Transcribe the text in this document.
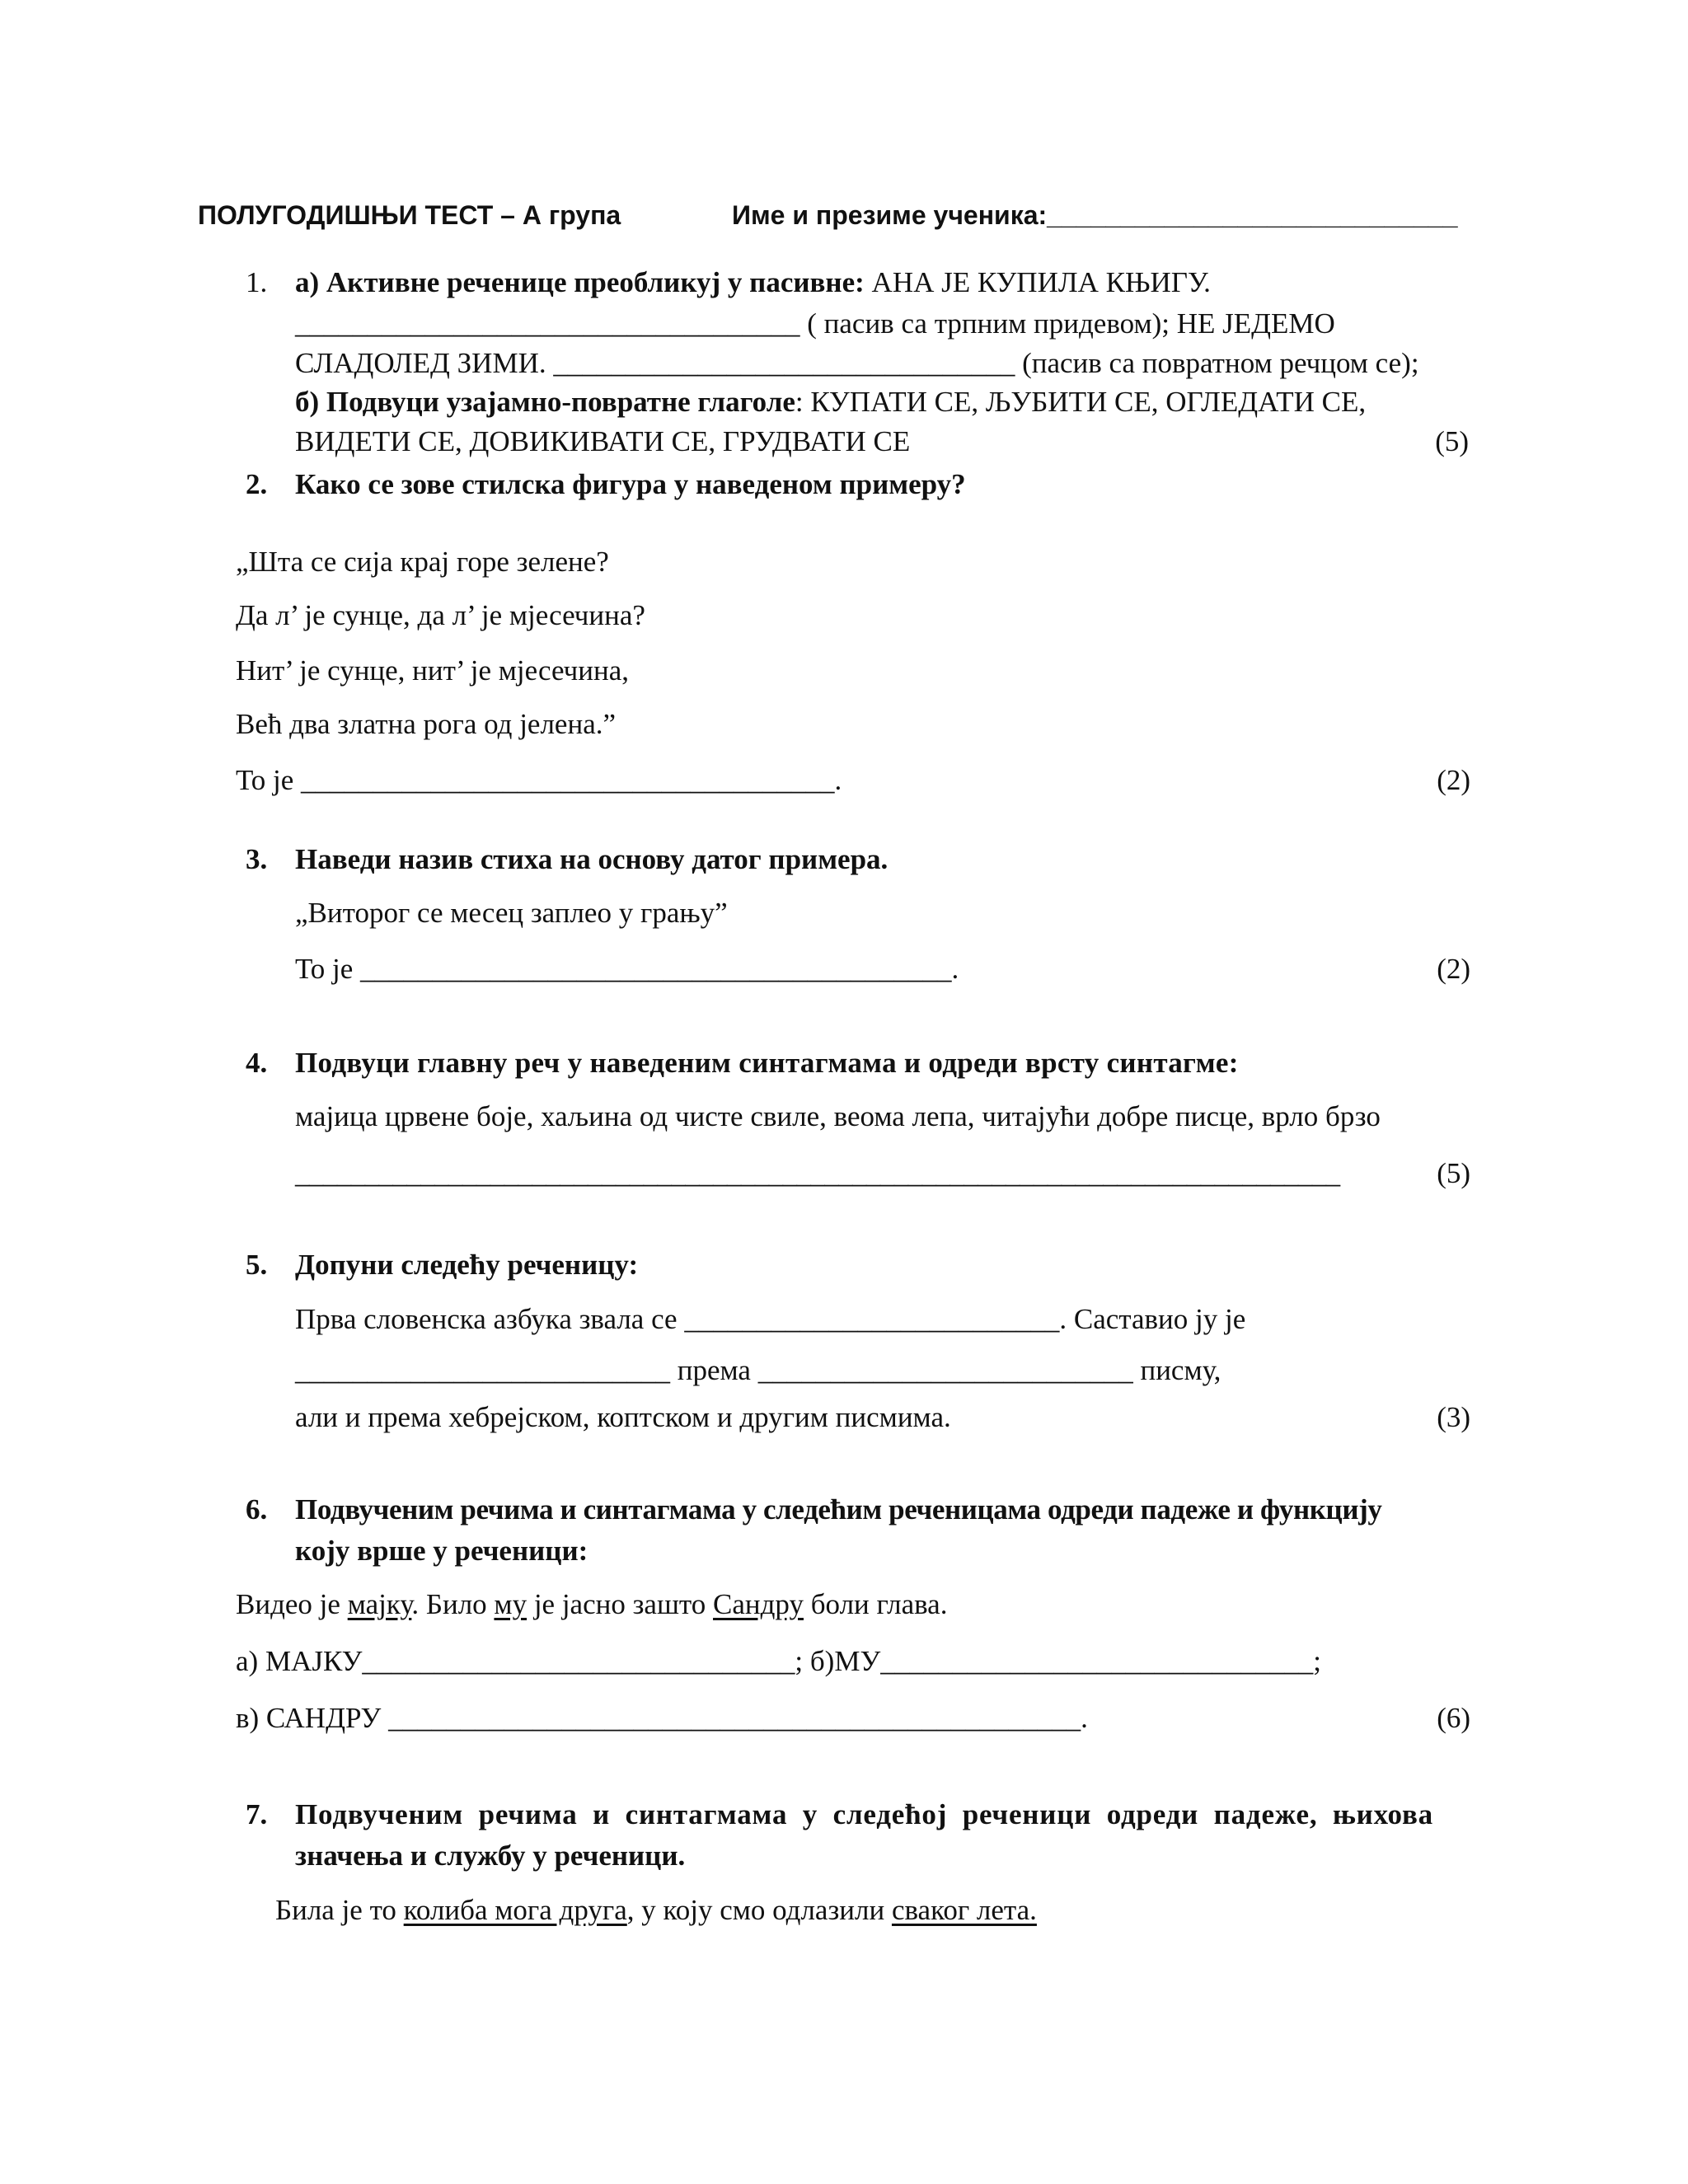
ПОЛУГОДИШЊИ ТЕСТ – А група	Име и презиме ученика:____________________________
1. а) Активне реченице преобликуј у пасивне: АНА ЈЕ КУПИЛА КЊИГУ.
___________________________________ ( пасив са трпним придевом); НЕ ЈЕДЕМО
СЛАДОЛЕД ЗИМИ. ________________________________ (пасив са повратном речцом се);
б) Подвуци узајамно-повратне глаголе: КУПАТИ СЕ, ЉУБИТИ СЕ, ОГЛЕДАТИ СЕ,
ВИДЕТИ СЕ, ДОВИКИВАТИ СЕ, ГРУДВАТИ СЕ	(5)
2. Како се зове стилска фигура у наведеном примеру?
„Шта се сија крај горе зелене?
Да л’ је сунце, да л’ је мјесечина?
Нит’ је сунце, нит’ је мјесечина,
Већ два златна рога од јелена.”
То је _____________________________________.	(2)
3. Наведи назив стиха на основу датог примера.
„Виторог се месец заплео у грању”
То је _________________________________________.	(2)
4. Подвуци главну реч у наведеним синтагмама и одреди врсту синтагме:
мајица црвене боје, хаљина од чисте свиле, веома лепа, читајући добре писце, врло брзо
___________________________________________________________________________	(5)
5. Допуни следећу реченицу:
Прва словенска азбука звала се __________________________. Саставио ју је
__________________________ према __________________________ писму,
али и према хебрејском, коптском и другим писмима.	(3)
6. Подвученим речима и синтагмама у следећим реченицама одреди падеже и функцију
коју врше у реченици:
Видео је мајку. Било му је јасно зашто Сандру боли глава.
а) МАЈКУ______________________________; б)МУ______________________________;
в) САНДРУ ________________________________________________.	(6)
7. Подвученим речима и синтагмама у следећој реченици одреди падеже, њихова
значења и службу у реченици.
Била је то колиба мога друга, у коју смо одлазили сваког лета.
